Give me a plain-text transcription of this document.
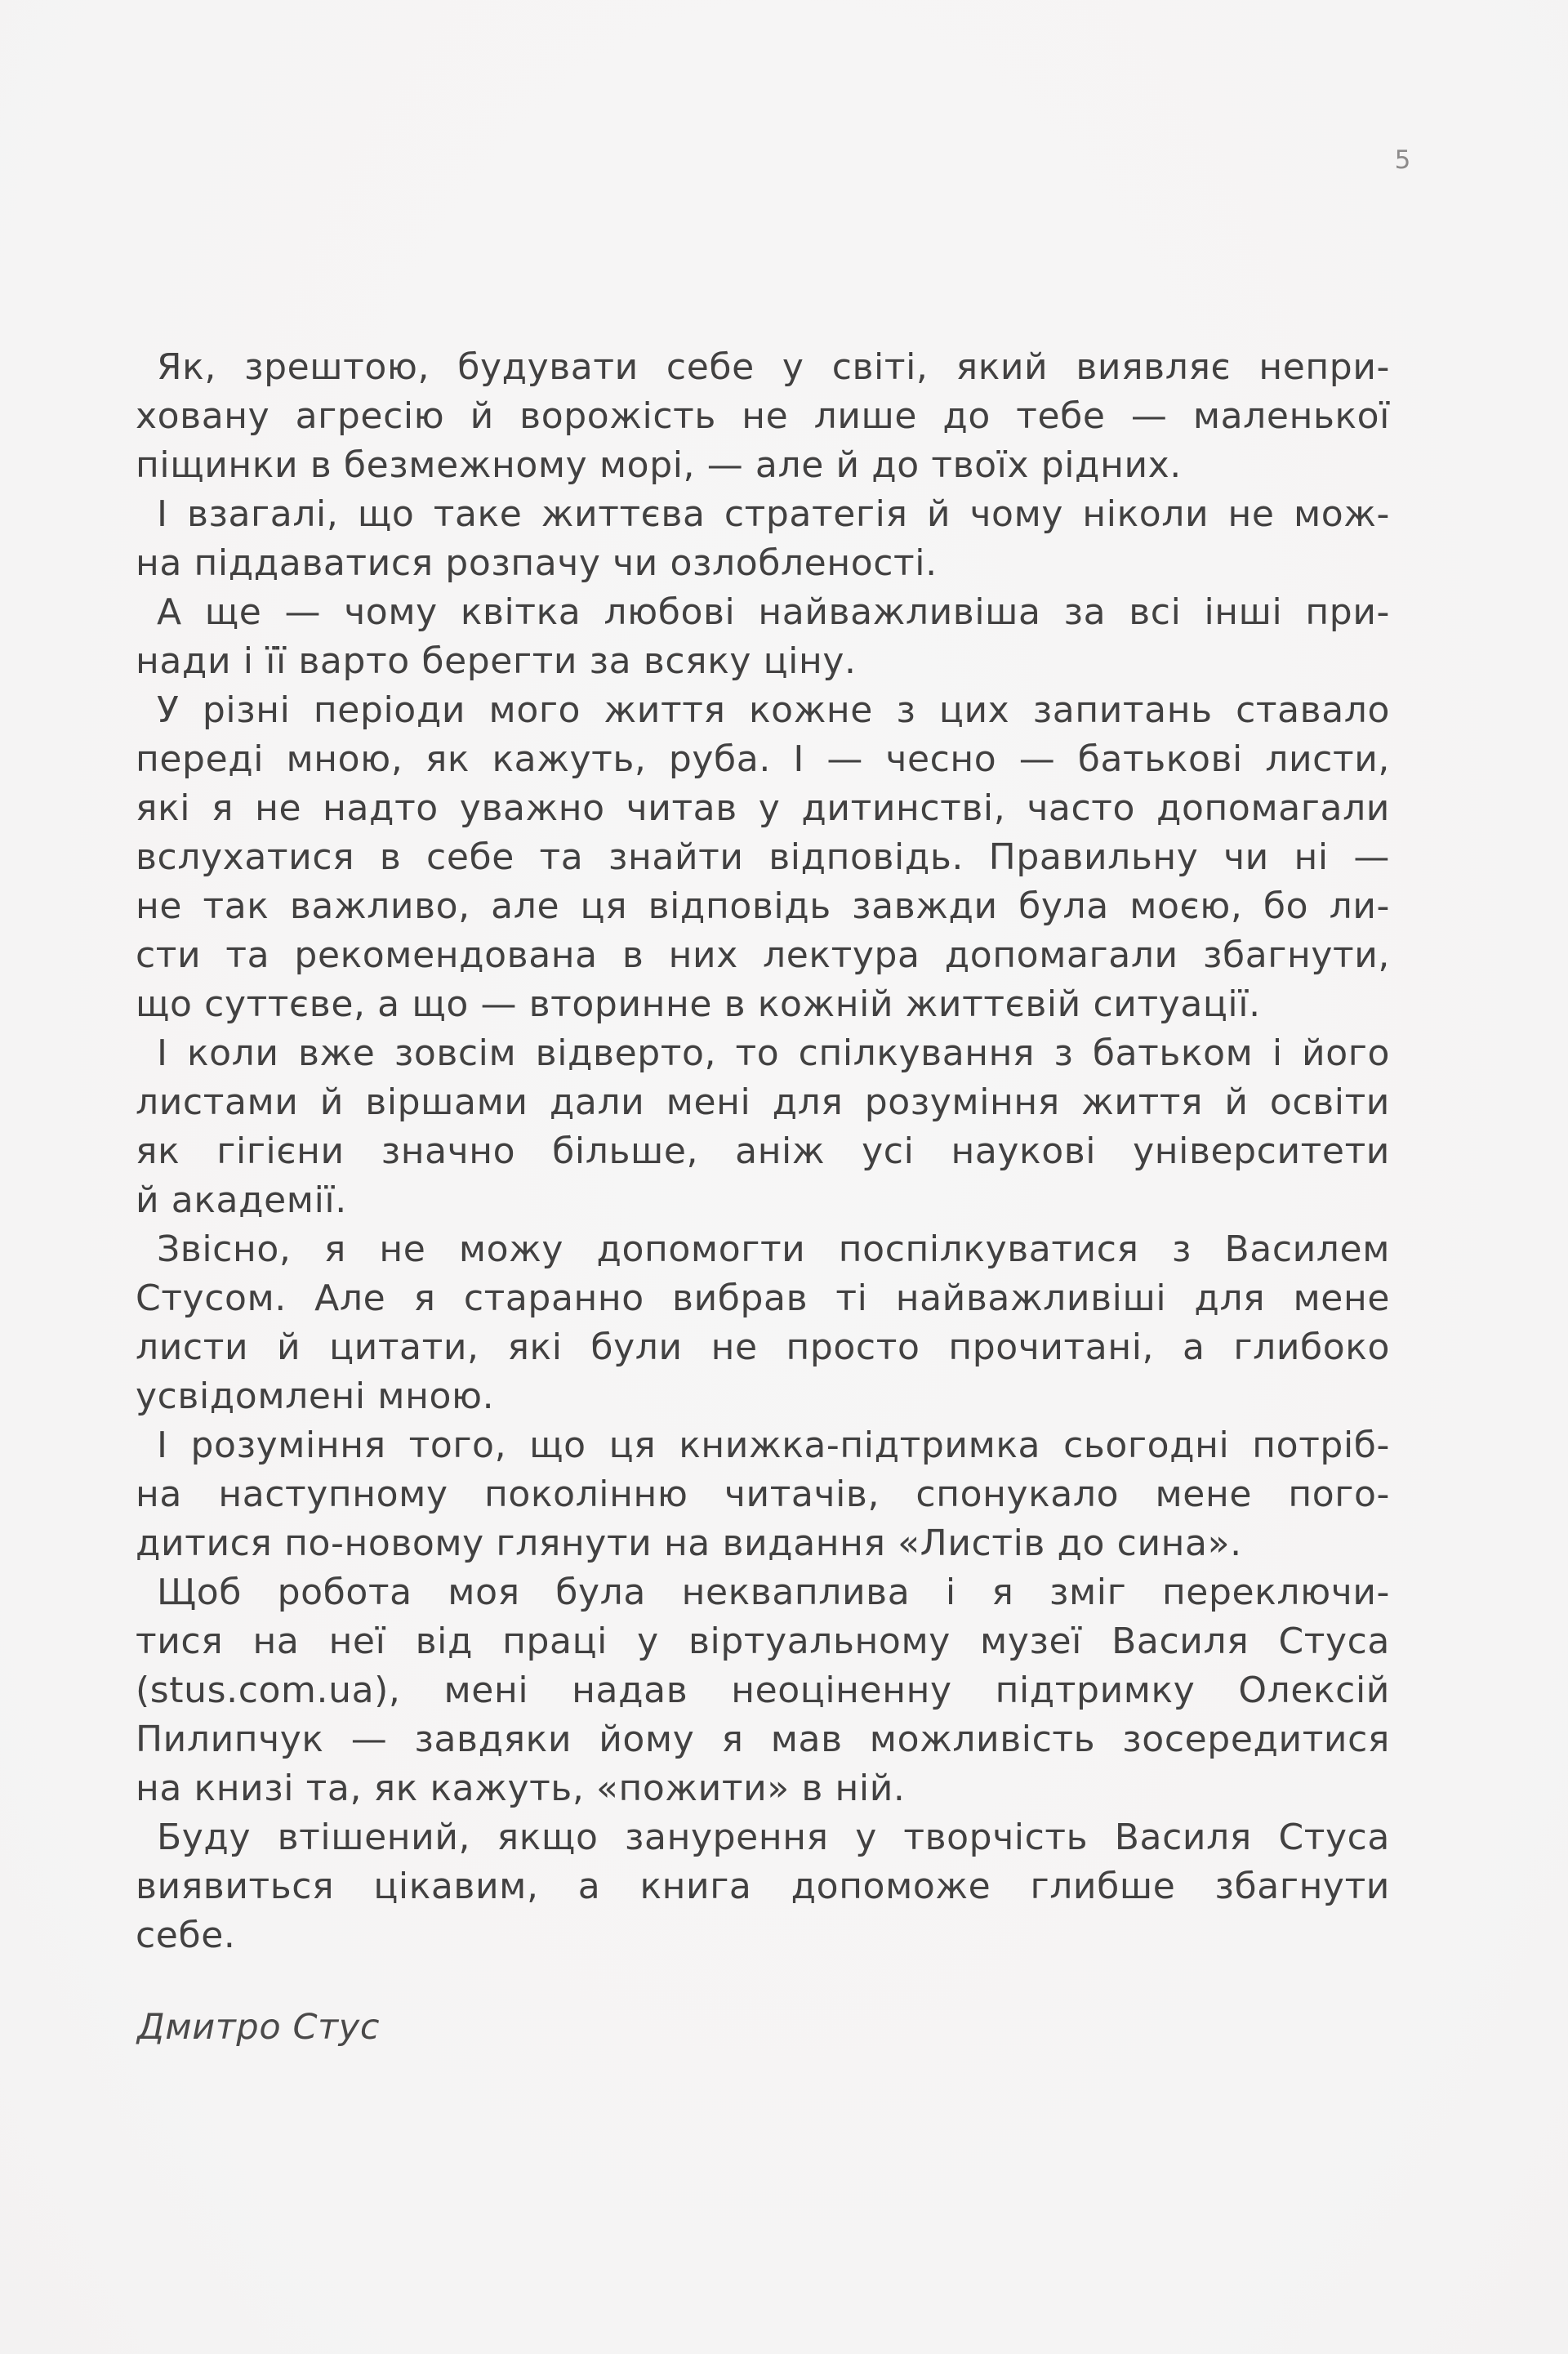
5
Як, зрештою, будувати себе у світі, який виявляє непри-
ховану агресію й ворожість не лише до тебе — маленької
піщинки в безмежному морі, — але й до твоїх рідних.
І взагалі, що таке життєва стратегія й чому ніколи не мож-
на піддаватися розпачу чи озлобленості.
А ще — чому квітка любові найважливіша за всі інші при-
нади і її варто берегти за всяку ціну.
У різні періоди мого життя кожне з цих запитань ставало
переді мною, як кажуть, руба. І — чесно — батькові листи,
які я не надто уважно читав у дитинстві, часто допомагали
вслухатися в себе та знайти відповідь. Правильну чи ні —
не так важливо, але ця відповідь завжди була моєю, бо ли-
сти та рекомендована в них лектура допомагали збагнути,
що суттєве, а що — вторинне в кожній життєвій ситуації.
І коли вже зовсім відверто, то спілкування з батьком і його
листами й віршами дали мені для розуміння життя й освіти
як гігієни значно більше, аніж усі наукові університети
й академії.
Звісно, я не можу допомогти поспілкуватися з Василем
Стусом. Але я старанно вибрав ті найважливіші для мене
листи й цитати, які були не просто прочитані, а глибоко
усвідомлені мною.
І розуміння того, що ця книжка-підтримка сьогодні потріб-
на наступному поколінню читачів, спонукало мене пого-
дитися по-новому глянути на видання «Листів до сина».
Щоб робота моя була некваплива і я зміг переключи-
тися на неї від праці у віртуальному музеї Василя Стуса
(stus.com.ua), мені надав неоціненну підтримку Олексій
Пилипчук — завдяки йому я мав можливість зосередитися
на книзі та, як кажуть, «пожити» в ній.
Буду втішений, якщо занурення у творчість Василя Стуса
виявиться цікавим, а книга допоможе глибше збагнути
себе.
Дмитро Стус
